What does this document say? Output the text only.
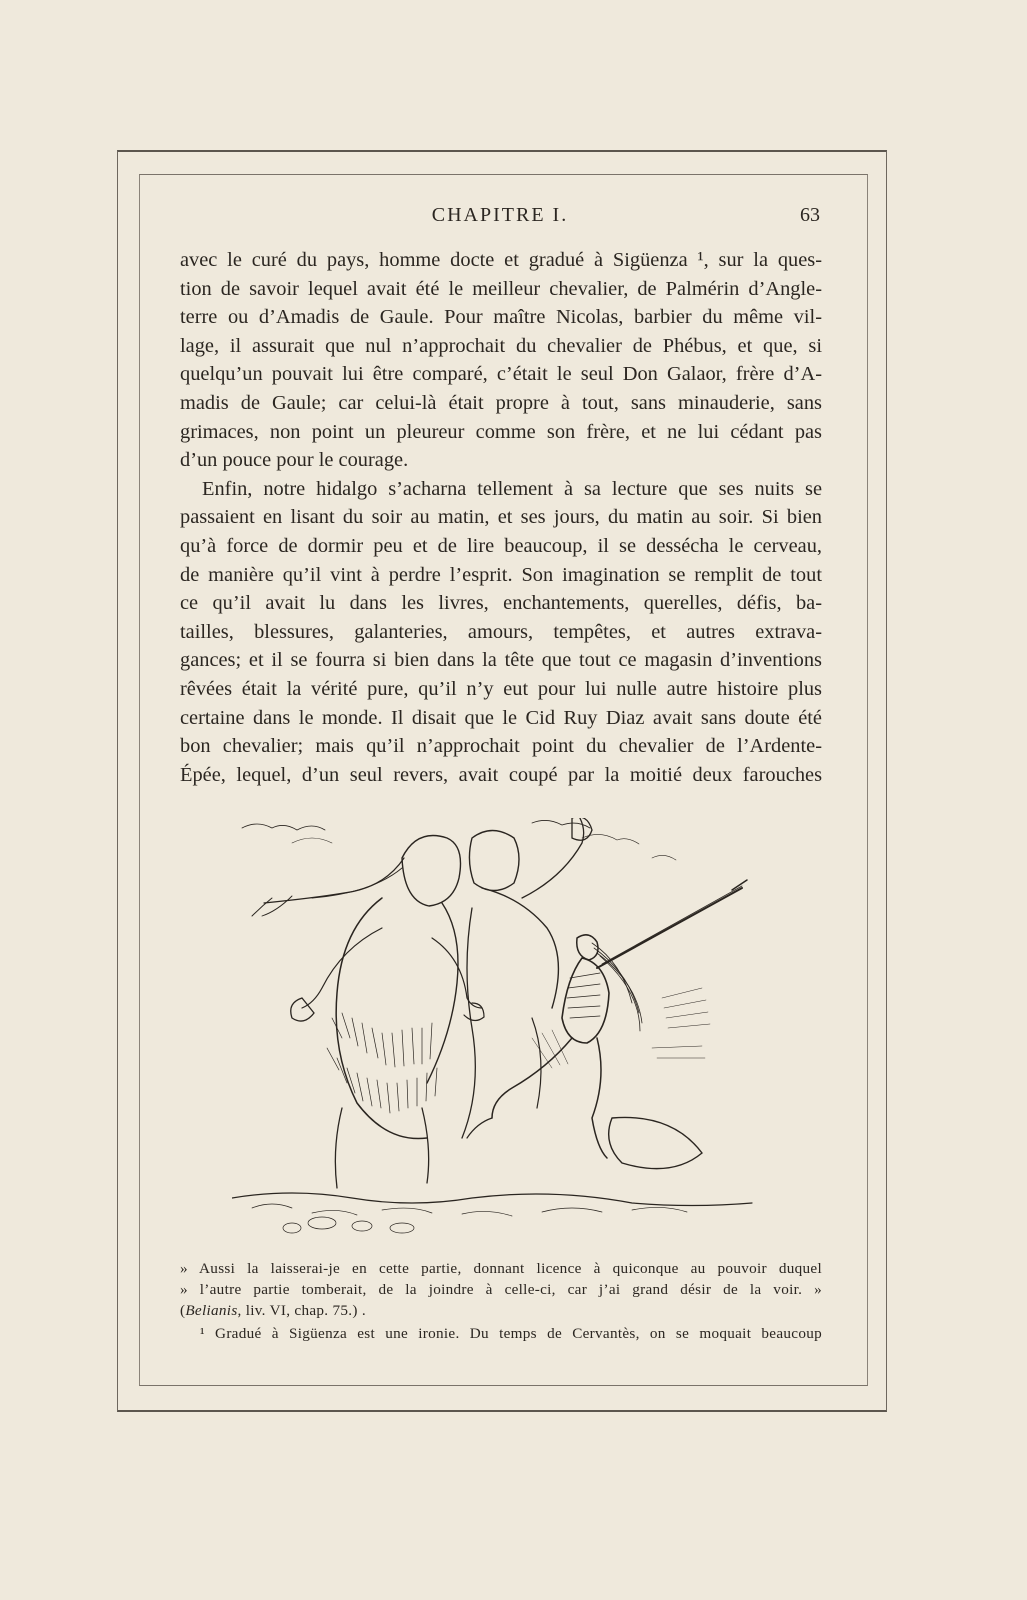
CHAPITRE I.	63
avec le curé du pays, homme docte et gradué à Sigüenza ¹, sur la ques-
tion de savoir lequel avait été le meilleur chevalier, de Palmérin d’Angle-
terre ou d’Amadis de Gaule. Pour maître Nicolas, barbier du même vil-
lage, il assurait que nul n’approchait du chevalier de Phébus, et que, si
quelqu’un pouvait lui être comparé, c’était le seul Don Galaor, frère d’A-
madis de Gaule; car celui-là était propre à tout, sans minauderie, sans
grimaces, non point un pleureur comme son frère, et ne lui cédant pas
d’un pouce pour le courage.
Enfin, notre hidalgo s’acharna tellement à sa lecture que ses nuits se
passaient en lisant du soir au matin, et ses jours, du matin au soir. Si bien
qu’à force de dormir peu et de lire beaucoup, il se dessécha le cerveau,
de manière qu’il vint à perdre l’esprit. Son imagination se remplit de tout
ce qu’il avait lu dans les livres, enchantements, querelles, défis, ba-
tailles, blessures, galanteries, amours, tempêtes, et autres extrava-
gances; et il se fourra si bien dans la tête que tout ce magasin d’inventions
rêvées était la vérité pure, qu’il n’y eut pour lui nulle autre histoire plus
certaine dans le monde. Il disait que le Cid Ruy Diaz avait sans doute été
bon chevalier; mais qu’il n’approchait point du chevalier de l’Ardente-
Épée, lequel, d’un seul revers, avait coupé par la moitié deux farouches
» Aussi la laisserai-je en cette partie, donnant licence à quiconque au pouvoir duquel
» l’autre partie tomberait, de la joindre à celle-ci, car j’ai grand désir de la voir. »
(Belianis, liv. VI, chap. 75.) .
¹ Gradué à Sigüenza est une ironie. Du temps de Cervantès, on se moquait beaucoup
